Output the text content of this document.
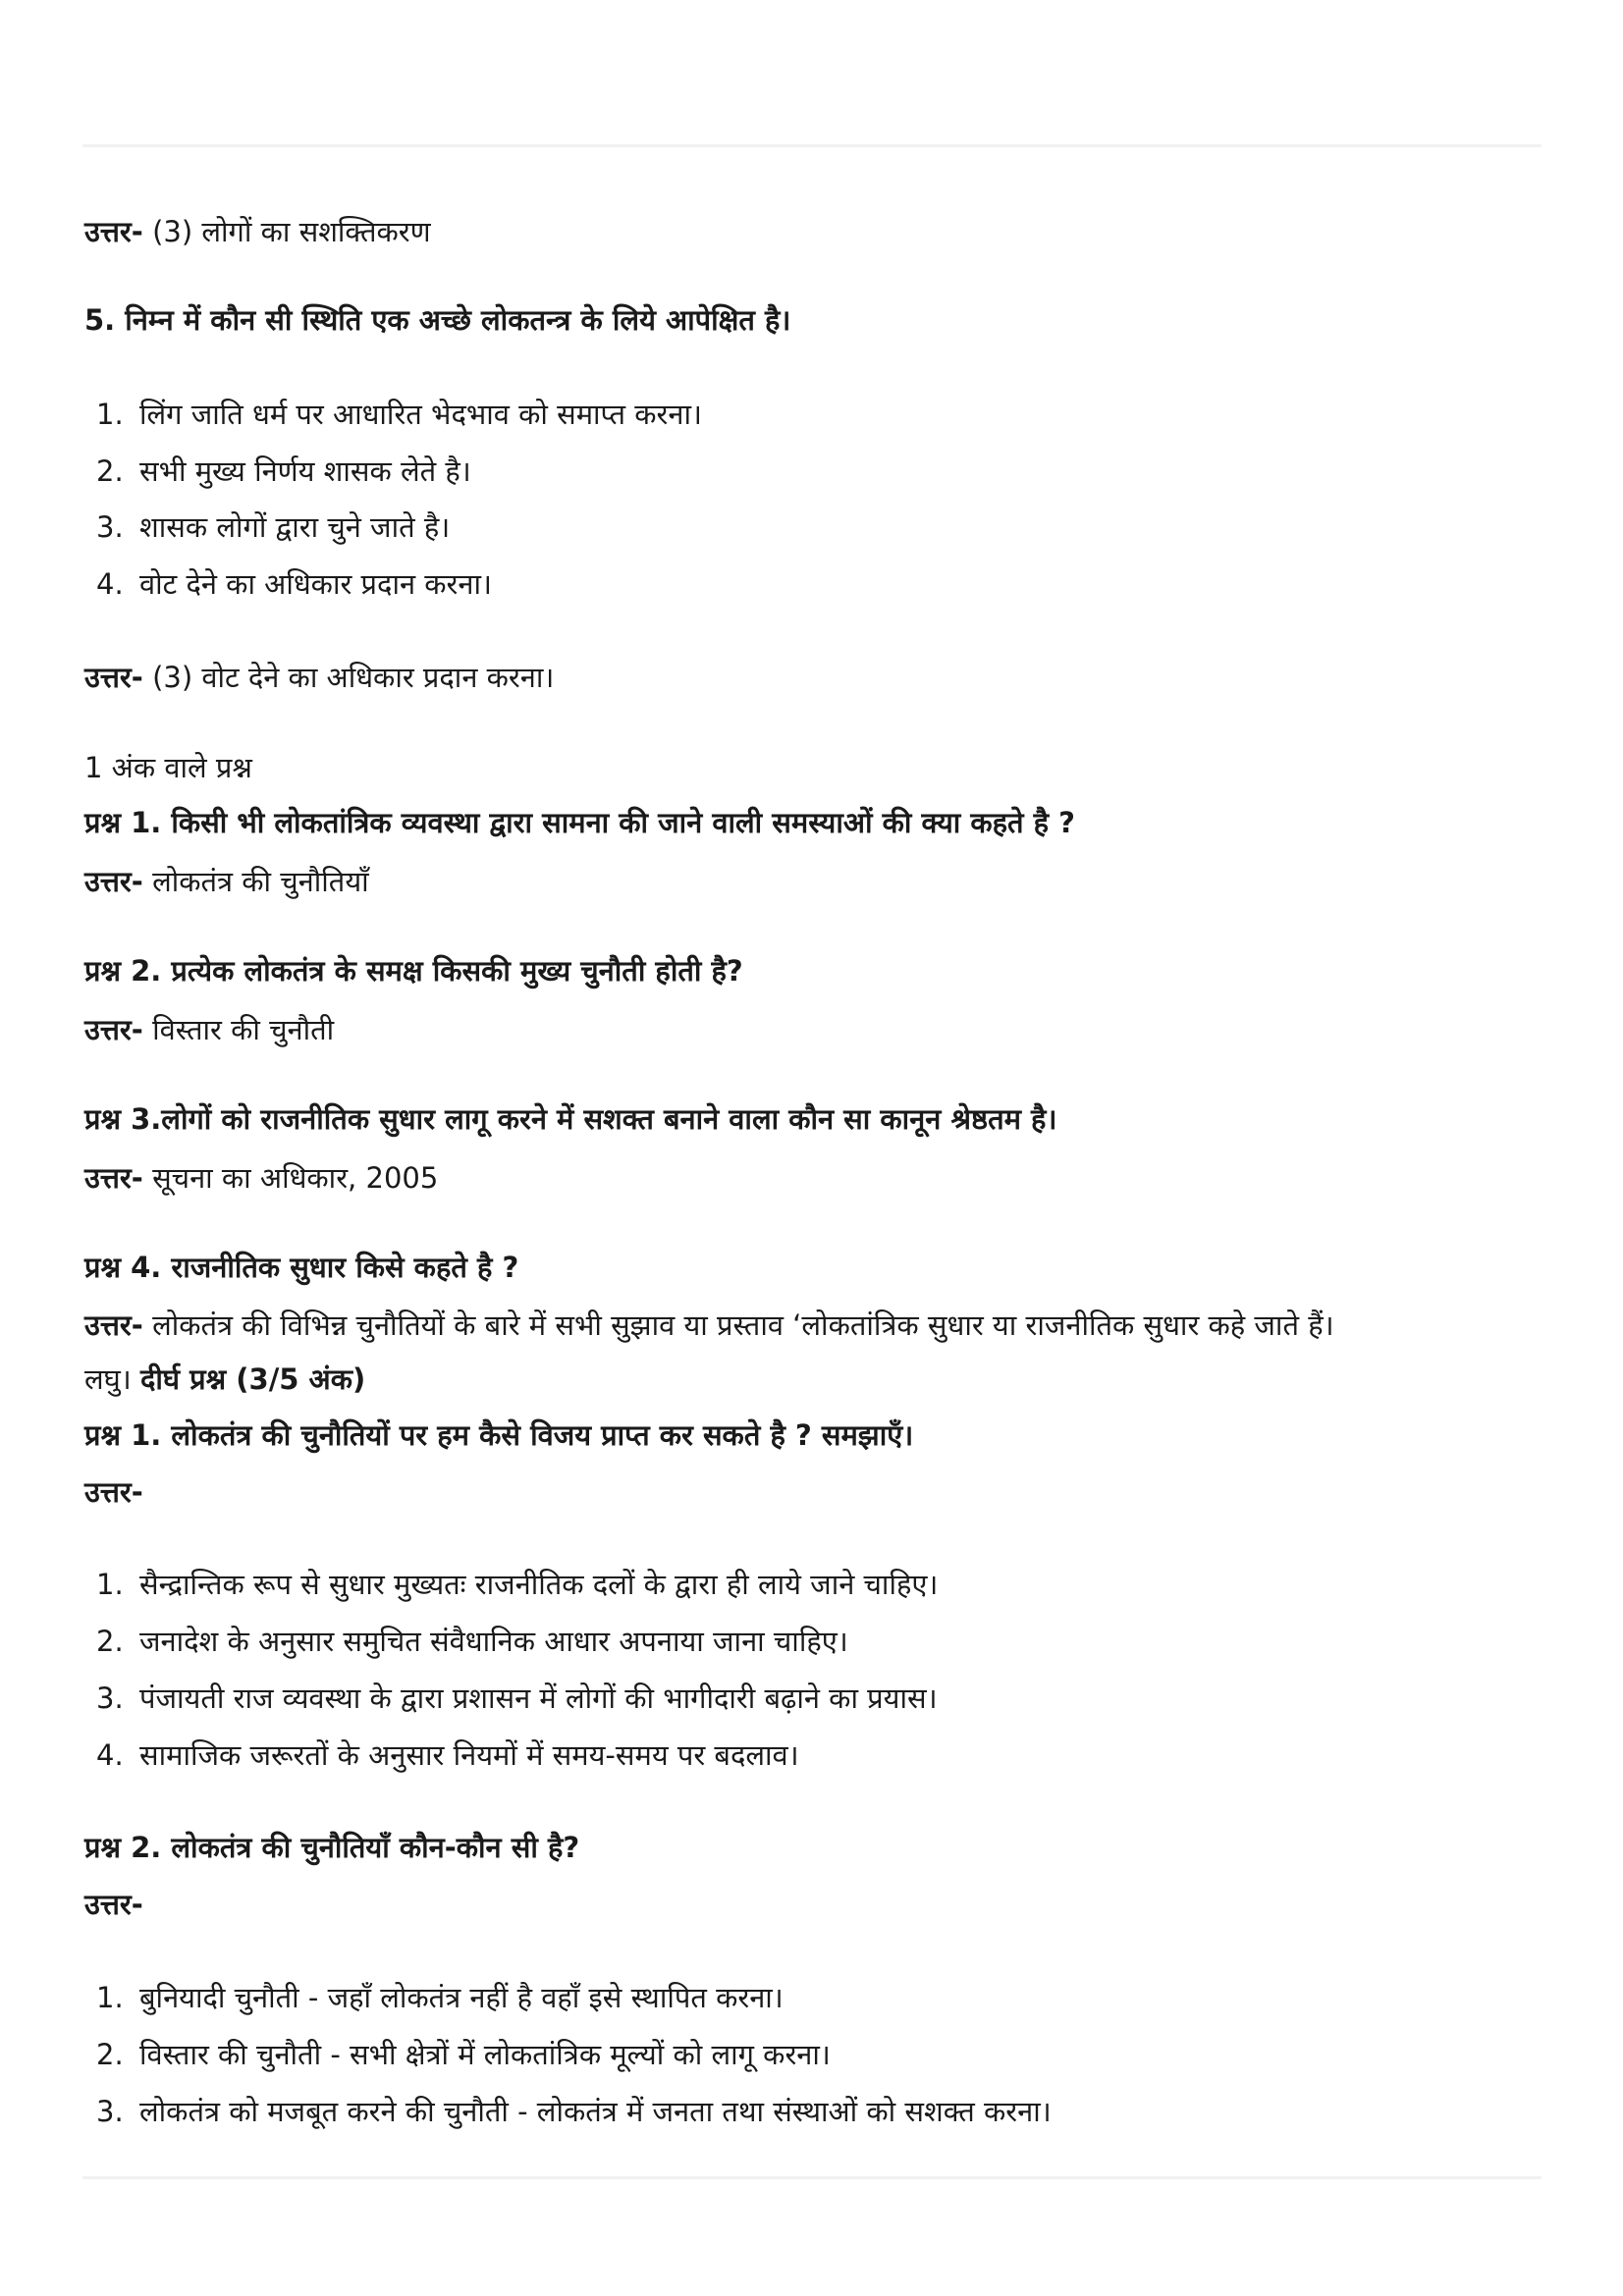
उत्तर- (3) लोगों का सशक्तिकरण
5. निम्न में कौन सी स्थिति एक अच्छे लोकतन्त्र के लिये आपेक्षित है।
1. लिंग जाति धर्म पर आधारित भेदभाव को समाप्त करना।
2. सभी मुख्य निर्णय शासक लेते है।
3. शासक लोगों द्वारा चुने जाते है।
4. वोट देने का अधिकार प्रदान करना।
उत्तर- (3) वोट देने का अधिकार प्रदान करना।
1 अंक वाले प्रश्न
प्रश्न 1. किसी भी लोकतांत्रिक व्यवस्था द्वारा सामना की जाने वाली समस्याओं की क्या कहते है ?
उत्तर- लोकतंत्र की चुनौतियाँ
प्रश्न 2. प्रत्येक लोकतंत्र के समक्ष किसकी मुख्य चुनौती होती है?
उत्तर- विस्तार की चुनौती
प्रश्न 3.लोगों को राजनीतिक सुधार लागू करने में सशक्त बनाने वाला कौन सा कानून श्रेष्ठतम है।
उत्तर- सूचना का अधिकार, 2005
प्रश्न 4. राजनीतिक सुधार किसे कहते है ?
उत्तर- लोकतंत्र की विभिन्न चुनौतियों के बारे में सभी सुझाव या प्रस्ताव ‘लोकतांत्रिक सुधार या राजनीतिक सुधार कहे जाते हैं।
लघु। दीर्घ प्रश्न (3/5 अंक)
प्रश्न 1. लोकतंत्र की चुनौतियों पर हम कैसे विजय प्राप्त कर सकते है ? समझाएँ।
उत्तर-
1. सैन्द्रान्तिक रूप से सुधार मुख्यतः राजनीतिक दलों के द्वारा ही लाये जाने चाहिए।
2. जनादेश के अनुसार समुचित संवैधानिक आधार अपनाया जाना चाहिए।
3. पंजायती राज व्यवस्था के द्वारा प्रशासन में लोगों की भागीदारी बढ़ाने का प्रयास।
4. सामाजिक जरूरतों के अनुसार नियमों में समय-समय पर बदलाव।
प्रश्न 2. लोकतंत्र की चुनौतियाँ कौन-कौन सी है?
उत्तर-
1. बुनियादी चुनौती - जहाँ लोकतंत्र नहीं है वहाँ इसे स्थापित करना।
2. विस्तार की चुनौती - सभी क्षेत्रों में लोकतांत्रिक मूल्यों को लागू करना।
3. लोकतंत्र को मजबूत करने की चुनौती - लोकतंत्र में जनता तथा संस्थाओं को सशक्त करना।
